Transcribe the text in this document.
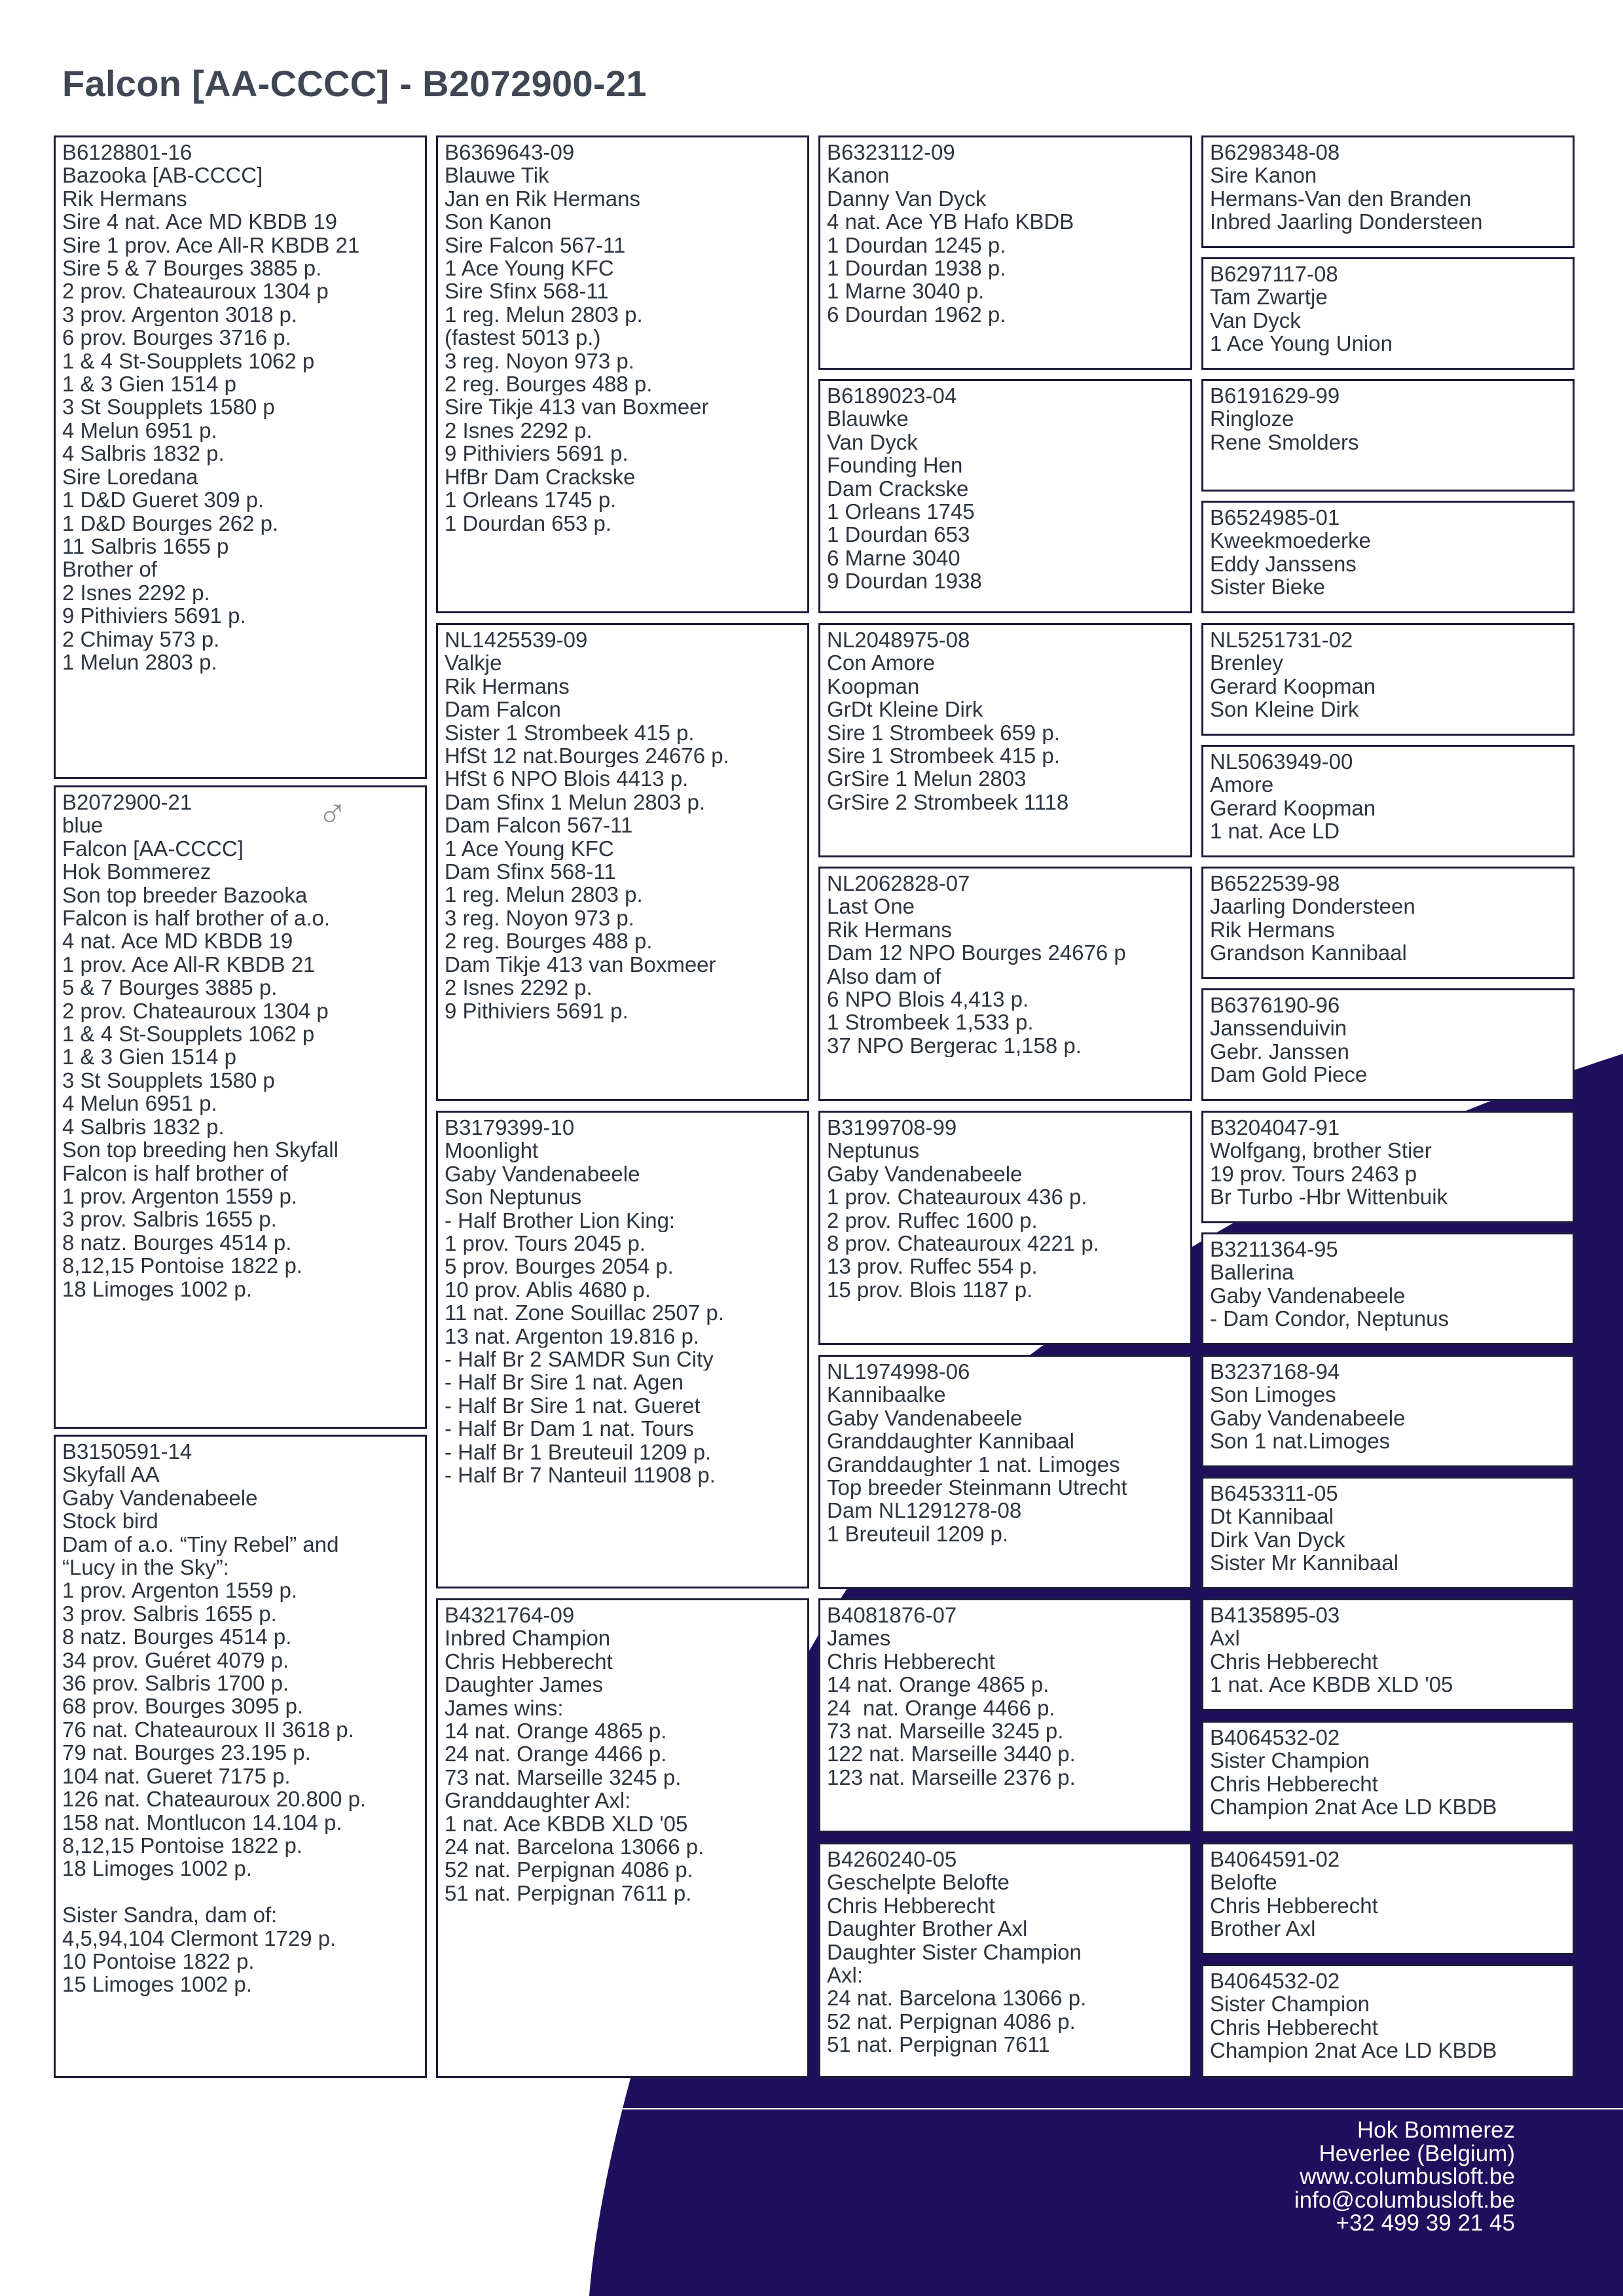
Falcon [AA-CCCC] - B2072900-21
♂
B2072900-21
blue
Falcon [AA-CCCC]
Hok Bommerez
Son top breeder Bazooka
Falcon is half brother of a.o.
4 nat. Ace MD KBDB 19
1 prov. Ace All-R KBDB 21
5 & 7 Bourges 3885 p.
2 prov. Chateauroux 1304 p
1 & 4 St-Soupplets 1062 p
1 & 3 Gien 1514 p
3 St Soupplets 1580 p
4 Melun 6951 p.
4 Salbris 1832 p.
Son top breeding hen Skyfall
Falcon is half brother of
1 prov. Argenton 1559 p.
3 prov. Salbris 1655 p.
8 natz. Bourges 4514 p.
8,12,15 Pontoise 1822 p.
18 Limoges 1002 p.
B6128801-16
Bazooka [AB-CCCC]
Rik Hermans
Sire 4 nat. Ace MD KBDB 19
Sire 1 prov. Ace All-R KBDB 21
Sire 5 & 7 Bourges 3885 p.
2 prov. Chateauroux 1304 p
3 prov. Argenton 3018 p.
6 prov. Bourges 3716 p.
1 & 4 St-Soupplets 1062 p
1 & 3 Gien 1514 p
3 St Soupplets 1580 p
4 Melun 6951 p.
4 Salbris 1832 p.
Sire Loredana
1 D&D Gueret 309 p.
1 D&D Bourges 262 p.
11 Salbris 1655 p
Brother of
2 Isnes 2292 p.
9 Pithiviers 5691 p.
2 Chimay 573 p.
1 Melun 2803 p.
B3150591-14
Skyfall AA
Gaby Vandenabeele
Stock bird
Dam of a.o. “Tiny Rebel” and
“Lucy in the Sky”:
1 prov. Argenton 1559 p.
3 prov. Salbris 1655 p.
8 natz. Bourges 4514 p.
34 prov. Guéret 4079 p.
36 prov. Salbris 1700 p.
68 prov. Bourges 3095 p.
76 nat. Chateauroux II 3618 p.
79 nat. Bourges 23.195 p.
104 nat. Gueret 7175 p.
126 nat. Chateauroux 20.800 p.
158 nat. Montlucon 14.104 p.
8,12,15 Pontoise 1822 p.
18 Limoges 1002 p.
Sister Sandra, dam of:
4,5,94,104 Clermont 1729 p.
10 Pontoise 1822 p.
15 Limoges 1002 p.
B6369643-09
Blauwe Tik
Jan en Rik Hermans
Son Kanon
Sire Falcon 567-11
1 Ace Young KFC
Sire Sfinx 568-11
1 reg. Melun 2803 p.
(fastest 5013 p.)
3 reg. Noyon 973 p.
2 reg. Bourges 488 p.
Sire Tikje 413 van Boxmeer
2 Isnes 2292 p.
9 Pithiviers 5691 p.
HfBr Dam Crackske
1 Orleans 1745 p.
1 Dourdan 653 p.
NL1425539-09
Valkje
Rik Hermans
Dam Falcon
Sister 1 Strombeek 415 p.
HfSt 12 nat.Bourges 24676 p.
HfSt 6 NPO Blois 4413 p.
Dam Sfinx 1 Melun 2803 p.
Dam Falcon 567-11
1 Ace Young KFC
Dam Sfinx 568-11
1 reg. Melun 2803 p.
3 reg. Noyon 973 p.
2 reg. Bourges 488 p.
Dam Tikje 413 van Boxmeer
2 Isnes 2292 p.
9 Pithiviers 5691 p.
B3179399-10
Moonlight
Gaby Vandenabeele
Son Neptunus
- Half Brother Lion King:
1 prov. Tours 2045 p.
5 prov. Bourges 2054 p.
10 prov. Ablis 4680 p.
11 nat. Zone Souillac 2507 p.
13 nat. Argenton 19.816 p.
- Half Br 2 SAMDR Sun City
- Half Br Sire 1 nat. Agen
- Half Br Sire 1 nat. Gueret
- Half Br Dam 1 nat. Tours
- Half Br 1 Breuteuil 1209 p.
- Half Br 7 Nanteuil 11908 p.
B4321764-09
Inbred Champion
Chris Hebberecht
Daughter James
James wins:
14 nat. Orange 4865 p.
24 nat. Orange 4466 p.
73 nat. Marseille 3245 p.
Granddaughter Axl:
1 nat. Ace KBDB XLD '05
24 nat. Barcelona 13066 p.
52 nat. Perpignan 4086 p.
51 nat. Perpignan 7611 p.
B6323112-09
Kanon
Danny Van Dyck
4 nat. Ace YB Hafo KBDB
1 Dourdan 1245 p.
1 Dourdan 1938 p.
1 Marne 3040 p.
6 Dourdan 1962 p.
B6189023-04
Blauwke
Van Dyck
Founding Hen
Dam Crackske
1 Orleans 1745
1 Dourdan 653
6 Marne 3040
9 Dourdan 1938
NL2048975-08
Con Amore
Koopman
GrDt Kleine Dirk
Sire 1 Strombeek 659 p.
Sire 1 Strombeek 415 p.
GrSire 1 Melun 2803
GrSire 2 Strombeek 1118
NL2062828-07
Last One
Rik Hermans
Dam 12 NPO Bourges 24676 p
Also dam of
6 NPO Blois 4,413 p.
1 Strombeek 1,533 p.
37 NPO Bergerac 1,158 p.
B3199708-99
Neptunus
Gaby Vandenabeele
1 prov. Chateauroux 436 p.
2 prov. Ruffec 1600 p.
8 prov. Chateauroux 4221 p.
13 prov. Ruffec 554 p.
15 prov. Blois 1187 p.
NL1974998-06
Kannibaalke
Gaby Vandenabeele
Granddaughter Kannibaal
Granddaughter 1 nat. Limoges
Top breeder Steinmann Utrecht
Dam NL1291278-08
1 Breuteuil 1209 p.
B4081876-07
James
Chris Hebberecht
14 nat. Orange 4865 p.
24  nat. Orange 4466 p.
73 nat. Marseille 3245 p.
122 nat. Marseille 3440 p.
123 nat. Marseille 2376 p.
B4260240-05
Geschelpte Belofte
Chris Hebberecht
Daughter Brother Axl
Daughter Sister Champion
Axl:
24 nat. Barcelona 13066 p.
52 nat. Perpignan 4086 p.
51 nat. Perpignan 7611
B6298348-08
Sire Kanon
Hermans-Van den Branden
Inbred Jaarling Dondersteen
B6297117-08
Tam Zwartje
Van Dyck
1 Ace Young Union
B6191629-99
Ringloze
Rene Smolders
B6524985-01
Kweekmoederke
Eddy Janssens
Sister Bieke
NL5251731-02
Brenley
Gerard Koopman
Son Kleine Dirk
NL5063949-00
Amore
Gerard Koopman
1 nat. Ace LD
B6522539-98
Jaarling Dondersteen
Rik Hermans
Grandson Kannibaal
B6376190-96
Janssenduivin
Gebr. Janssen
Dam Gold Piece
B3204047-91
Wolfgang, brother Stier
19 prov. Tours 2463 p
Br Turbo -Hbr Wittenbuik
B3211364-95
Ballerina
Gaby Vandenabeele
- Dam Condor, Neptunus
B3237168-94
Son Limoges
Gaby Vandenabeele
Son 1 nat.Limoges
B6453311-05
Dt Kannibaal
Dirk Van Dyck
Sister Mr Kannibaal
B4135895-03
Axl
Chris Hebberecht
1 nat. Ace KBDB XLD '05
B4064532-02
Sister Champion
Chris Hebberecht
Champion 2nat Ace LD KBDB
B4064591-02
Belofte
Chris Hebberecht
Brother Axl
B4064532-02
Sister Champion
Chris Hebberecht
Champion 2nat Ace LD KBDB
Hok Bommerez
Heverlee (Belgium)
www.columbusloft.be
info@columbusloft.be
+32 499 39 21 45
